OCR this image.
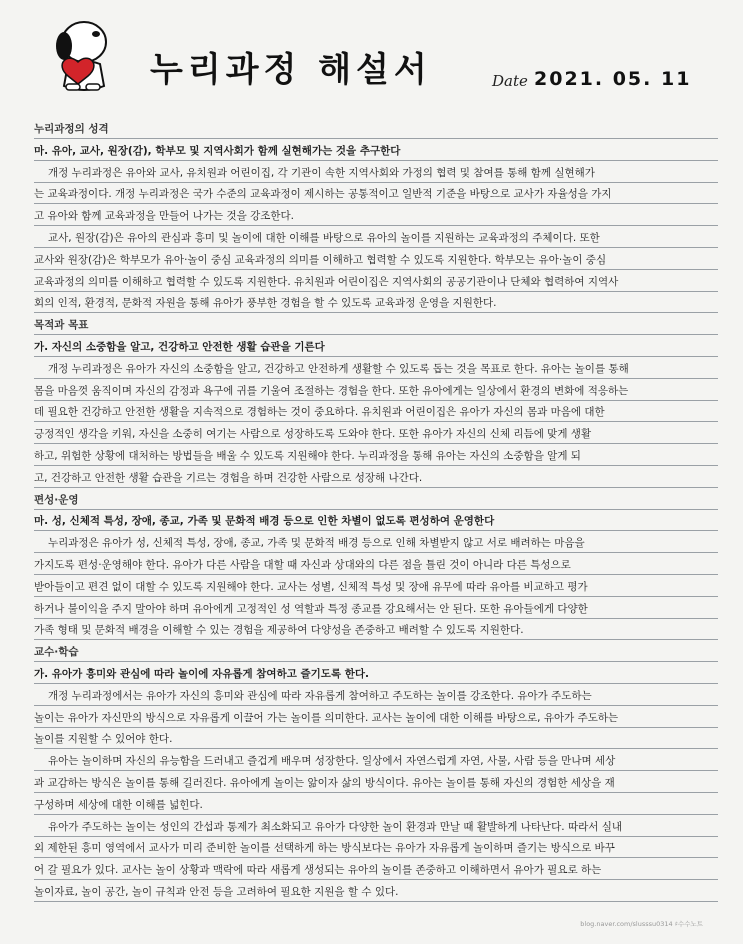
누리과정 해설서	Date 2021. 05. 11
누리과정의 성격
마. 유아, 교사, 원장(감), 학부모 및 지역사회가 함께 실현해가는 것을 추구한다
개정 누리과정은 유아와 교사, 유치원과 어린이집, 각 기관이 속한 지역사회와 가정의 협력 및 참여를 통해 함께 실현해가
는 교육과정이다. 개정 누리과정은 국가 수준의 교육과정이 제시하는 공통적이고 일반적 기준을 바탕으로 교사가 자율성을 가지
고 유아와 함께 교육과정을 만들어 나가는 것을 강조한다.
교사, 원장(감)은 유아의 관심과 흥미 및 놀이에 대한 이해를 바탕으로 유아의 놀이를 지원하는 교육과정의 주체이다. 또한
교사와 원장(감)은 학부모가 유아·놀이 중심 교육과정의 의미를 이해하고 협력할 수 있도록 지원한다. 학부모는 유아·놀이 중심
교육과정의 의미를 이해하고 협력할 수 있도록 지원한다. 유치원과 어린이집은 지역사회의 공공기관이나 단체와 협력하여 지역사
회의 인적, 환경적, 문화적 자원을 통해 유아가 풍부한 경험을 할 수 있도록 교육과정 운영을 지원한다.
목적과 목표
가. 자신의 소중함을 알고, 건강하고 안전한 생활 습관을 기른다
개정 누리과정은 유아가 자신의 소중함을 알고, 건강하고 안전하게 생활할 수 있도록 돕는 것을 목표로 한다. 유아는 놀이를 통해
몸을 마음껏 움직이며 자신의 감정과 욕구에 귀를 기울여 조절하는 경험을 한다. 또한 유아에게는 일상에서 환경의 변화에 적응하는
데 필요한 건강하고 안전한 생활을 지속적으로 경험하는 것이 중요하다. 유치원과 어린이집은 유아가 자신의 몸과 마음에 대한
긍정적인 생각을 키워, 자신을 소중히 여기는 사람으로 성장하도록 도와야 한다. 또한 유아가 자신의 신체 리듬에 맞게 생활
하고, 위험한 상황에 대처하는 방법들을 배울 수 있도록 지원해야 한다. 누리과정을 통해 유아는 자신의 소중함을 알게 되
고, 건강하고 안전한 생활 습관을 기르는 경험을 하며 건강한 사람으로 성장해 나간다.
편성·운영
마. 성, 신체적 특성, 장애, 종교, 가족 및 문화적 배경 등으로 인한 차별이 없도록 편성하여 운영한다
누리과정은 유아가 성, 신체적 특성, 장애, 종교, 가족 및 문화적 배경 등으로 인해 차별받지 않고 서로 배려하는 마음을
가지도록 편성·운영해야 한다. 유아가 다른 사람을 대할 때 자신과 상대와의 다른 점을 틀린 것이 아니라 다른 특성으로
받아들이고 편견 없이 대할 수 있도록 지원해야 한다. 교사는 성별, 신체적 특성 및 장애 유무에 따라 유아를 비교하고 평가
하거나 불이익을 주지 말아야 하며 유아에게 고정적인 성 역할과 특정 종교를 강요해서는 안 된다. 또한 유아들에게 다양한
가족 형태 및 문화적 배경을 이해할 수 있는 경험을 제공하여 다양성을 존중하고 배려할 수 있도록 지원한다.
교수·학습
가. 유아가 흥미와 관심에 따라 놀이에 자유롭게 참여하고 즐기도록 한다.
개정 누리과정에서는 유아가 자신의 흥미와 관심에 따라 자유롭게 참여하고 주도하는 놀이를 강조한다. 유아가 주도하는
놀이는 유아가 자신만의 방식으로 자유롭게 이끌어 가는 놀이를 의미한다. 교사는 놀이에 대한 이해를 바탕으로, 유아가 주도하는
놀이를 지원할 수 있어야 한다.
유아는 놀이하며 자신의 유능함을 드러내고 즐겁게 배우며 성장한다. 일상에서 자연스럽게 자연, 사물, 사람 등을 만나며 세상
과 교감하는 방식은 놀이를 통해 길러진다. 유아에게 놀이는 앎이자 삶의 방식이다. 유아는 놀이를 통해 자신의 경험한 세상을 재
구성하며 세상에 대한 이해를 넓힌다.
유아가 주도하는 놀이는 성인의 간섭과 통제가 최소화되고 유아가 다양한 놀이 환경과 만날 때 활발하게 나타난다. 따라서 실내
외 제한된 흥미 영역에서 교사가 미리 준비한 놀이를 선택하게 하는 방식보다는 유아가 자유롭게 놀이하며 즐기는 방식으로 바꾸
어 갈 필요가 있다. 교사는 놀이 상황과 맥락에 따라 새롭게 생성되는 유아의 놀이를 존중하고 이해하면서 유아가 필요로 하는
놀이자료, 놀이 공간, 놀이 규칙과 안전 등을 고려하여 필요한 지원을 할 수 있다.
blog.naver.com/slusssu0314 ♯수수노트
